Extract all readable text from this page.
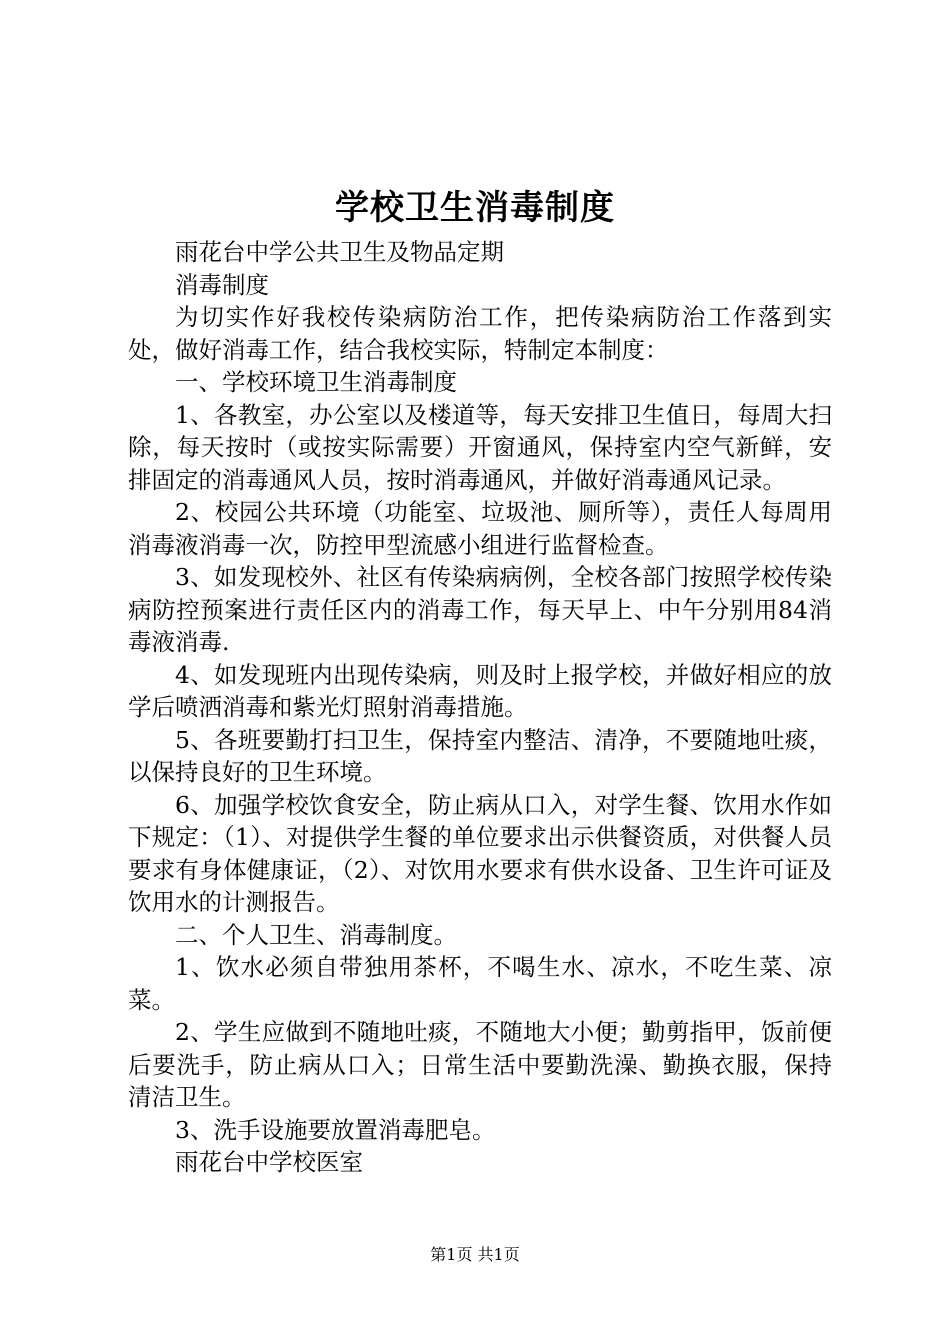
学校卫生消毒制度

雨花台中学公共卫生及物品定期

消毒制度

为切实作好我校传染病防治工作，把传染病防治工作落到实处，做好消毒工作，结合我校实际，特制定本制度：

一、学校环境卫生消毒制度

1、各教室，办公室以及楼道等，每天安排卫生值日，每周大扫除，每天按时（或按实际需要）开窗通风，保持室内空气新鲜，安排固定的消毒通风人员，按时消毒通风，并做好消毒通风记录。

2、校园公共环境（功能室、垃圾池、厕所等），责任人每周用消毒液消毒一次，防控甲型流感小组进行监督检查。

3、如发现校外、社区有传染病病例，全校各部门按照学校传染病防控预案进行责任区内的消毒工作，每天早上、中午分别用84消毒液消毒.

4、如发现班内出现传染病，则及时上报学校，并做好相应的放学后喷洒消毒和紫光灯照射消毒措施。

5、各班要勤打扫卫生，保持室内整洁、清净，不要随地吐痰，以保持良好的卫生环境。

6、加强学校饮食安全，防止病从口入，对学生餐、饮用水作如下规定：（1）、对提供学生餐的单位要求出示供餐资质，对供餐人员要求有身体健康证，（2）、对饮用水要求有供水设备、卫生许可证及饮用水的计测报告。

二、个人卫生、消毒制度。

1、饮水必须自带独用茶杯，不喝生水、凉水，不吃生菜、凉菜。

2、学生应做到不随地吐痰，不随地大小便；勤剪指甲，饭前便后要洗手，防止病从口入；日常生活中要勤洗澡、勤换衣服，保持清洁卫生。

3、洗手设施要放置消毒肥皂。

雨花台中学校医室

第1页 共1页
